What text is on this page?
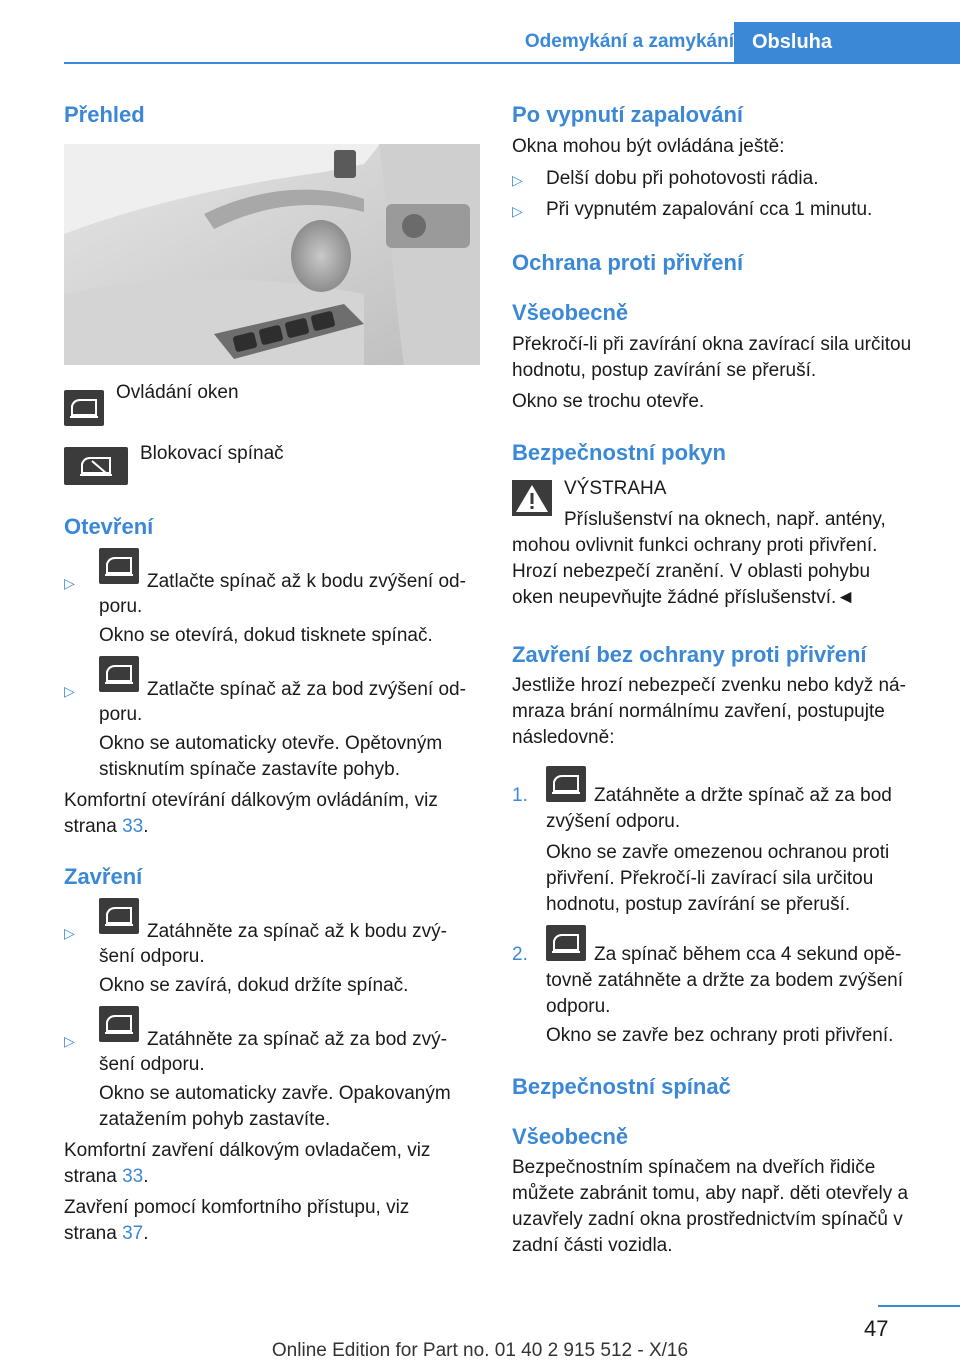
Odemykání a zamykání Obsluha
Přehled
Ovládání oken
Blokovací spínač
Otevření
▷	Zatlačte spínač až k bodu zvýšení od‐
poru.
Okno se otevírá, dokud tisknete spínač.
▷	Zatlačte spínač až za bod zvýšení od‐
poru.
Okno se automaticky otevře. Opětovným
stisknutím spínače zastavíte pohyb.
Komfortní otevírání dálkovým ovládáním, viz
strana 33.
Zavření
▷	Zatáhněte za spínač až k bodu zvý‐
šení odporu.
Okno se zavírá, dokud držíte spínač.
▷	Zatáhněte za spínač až za bod zvý‐
šení odporu.
Okno se automaticky zavře. Opakovaným
zatažením pohyb zastavíte.
Komfortní zavření dálkovým ovladačem, viz
strana 33.
Zavření pomocí komfortního přístupu, viz
strana 37.
Po vypnutí zapalování
Okna mohou být ovládána ještě:
▷ Delší dobu při pohotovosti rádia.
▷ Při vypnutém zapalování cca 1 minutu.
Ochrana proti přivření
Všeobecně
Překročí-li při zavírání okna zavírací sila určitou
hodnotu, postup zavírání se přeruší.
Okno se trochu otevře.
Bezpečnostní pokyn
VÝSTRAHA
Příslušenství na oknech, např. antény,
mohou ovlivnit funkci ochrany proti přivření.
Hrozí nebezpečí zranění. V oblasti pohybu
oken neupevňujte žádné příslušenství.◄
Zavření bez ochrany proti přivření
Jestliže hrozí nebezpečí zvenku nebo když ná‐
mraza brání normálnímu zavření, postupujte
následovně:
1.	Zatáhněte a držte spínač až za bod
zvýšení odporu.
Okno se zavře omezenou ochranou proti
přivření. Překročí-li zavírací sila určitou
hodnotu, postup zavírání se přeruší.
2.	Za spínač během cca 4 sekund opě‐
tovně zatáhněte a držte za bodem zvýšení
odporu.
Okno se zavře bez ochrany proti přivření.
Bezpečnostní spínač
Všeobecně
Bezpečnostním spínačem na dveřích řidiče
můžete zabránit tomu, aby např. děti otevřely a
uzavřely zadní okna prostřednictvím spínačů v
zadní části vozidla.
47
Online Edition for Part no. 01 40 2 915 512 - X/16
